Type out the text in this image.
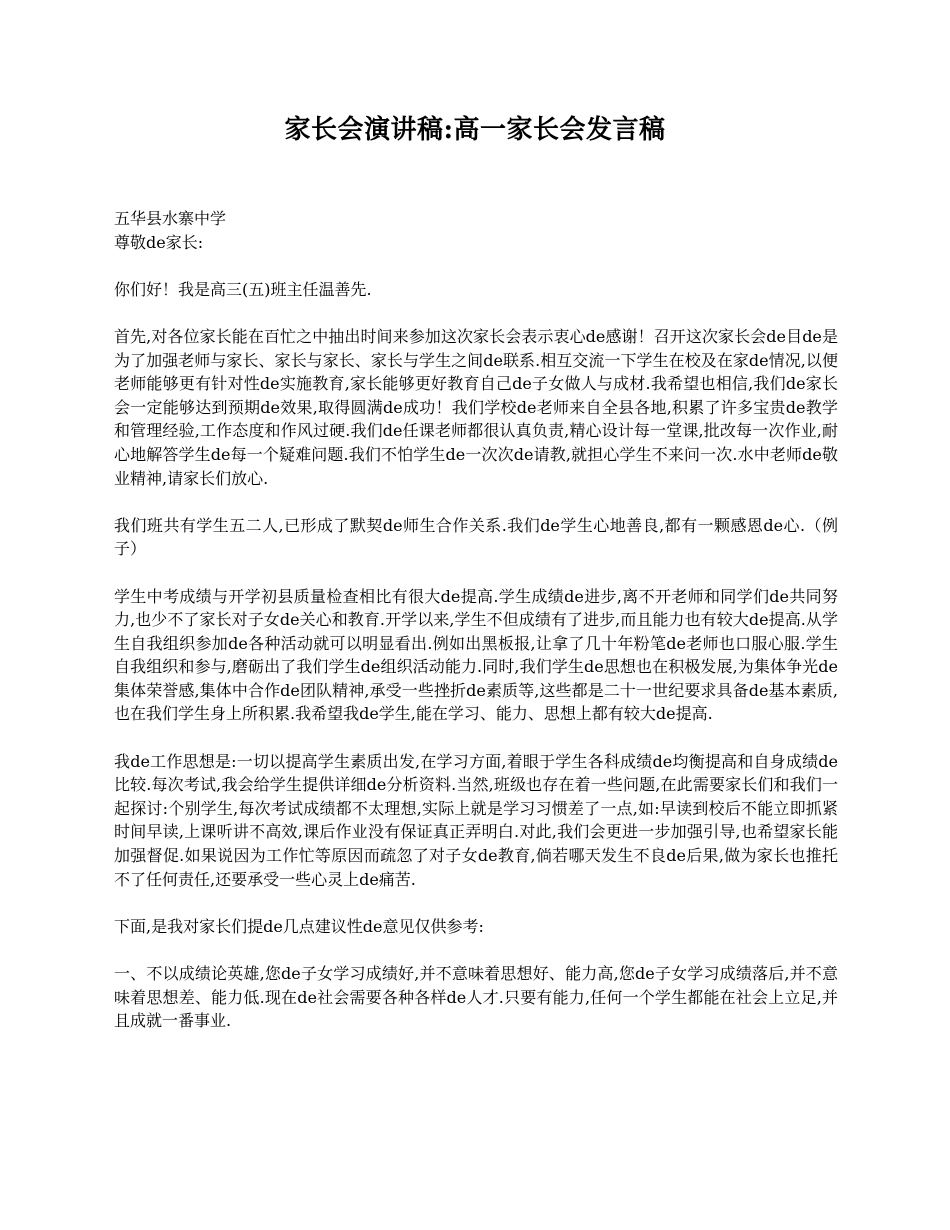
家长会演讲稿:高一家长会发言稿
五华县水寨中学
尊敬de家长:

你们好！我是高三(五)班主任温善先.

首先,对各位家长能在百忙之中抽出时间来参加这次家长会表示衷心de感谢！召开这次家长会de目de是为了加强老师与家长、家长与家长、家长与学生之间de联系.相互交流一下学生在校及在家de情况,以便老师能够更有针对性de实施教育,家长能够更好教育自己de子女做人与成材.我希望也相信,我们de家长会一定能够达到预期de效果,取得圆满de成功！我们学校de老师来自全县各地,积累了许多宝贵de教学和管理经验,工作态度和作风过硬.我们de任课老师都很认真负责,精心设计每一堂课,批改每一次作业,耐心地解答学生de每一个疑难问题.我们不怕学生de一次次de请教,就担心学生不来问一次.水中老师de敬业精神,请家长们放心.

我们班共有学生五二人,已形成了默契de师生合作关系.我们de学生心地善良,都有一颗感恩de心.（例子）

学生中考成绩与开学初县质量检查相比有很大de提高.学生成绩de进步,离不开老师和同学们de共同努力,也少不了家长对子女de关心和教育.开学以来,学生不但成绩有了进步,而且能力也有较大de提高.从学生自我组织参加de各种活动就可以明显看出.例如出黑板报,让拿了几十年粉笔de老师也口服心服.学生自我组织和参与,磨砺出了我们学生de组织活动能力.同时,我们学生de思想也在积极发展,为集体争光de集体荣誉感,集体中合作de团队精神,承受一些挫折de素质等,这些都是二十一世纪要求具备de基本素质,也在我们学生身上所积累.我希望我de学生,能在学习、能力、思想上都有较大de提高.

我de工作思想是:一切以提高学生素质出发,在学习方面,着眼于学生各科成绩de均衡提高和自身成绩de比较.每次考试,我会给学生提供详细de分析资料.当然,班级也存在着一些问题,在此需要家长们和我们一起探讨:个别学生,每次考试成绩都不太理想,实际上就是学习习惯差了一点,如:早读到校后不能立即抓紧时间早读,上课听讲不高效,课后作业没有保证真正弄明白.对此,我们会更进一步加强引导,也希望家长能加强督促.如果说因为工作忙等原因而疏忽了对子女de教育,倘若哪天发生不良de后果,做为家长也推托不了任何责任,还要承受一些心灵上de痛苦.

下面,是我对家长们提de几点建议性de意见仅供参考:

一、不以成绩论英雄,您de子女学习成绩好,并不意味着思想好、能力高,您de子女学习成绩落后,并不意味着思想差、能力低.现在de社会需要各种各样de人才.只要有能力,任何一个学生都能在社会上立足,并且成就一番事业.
